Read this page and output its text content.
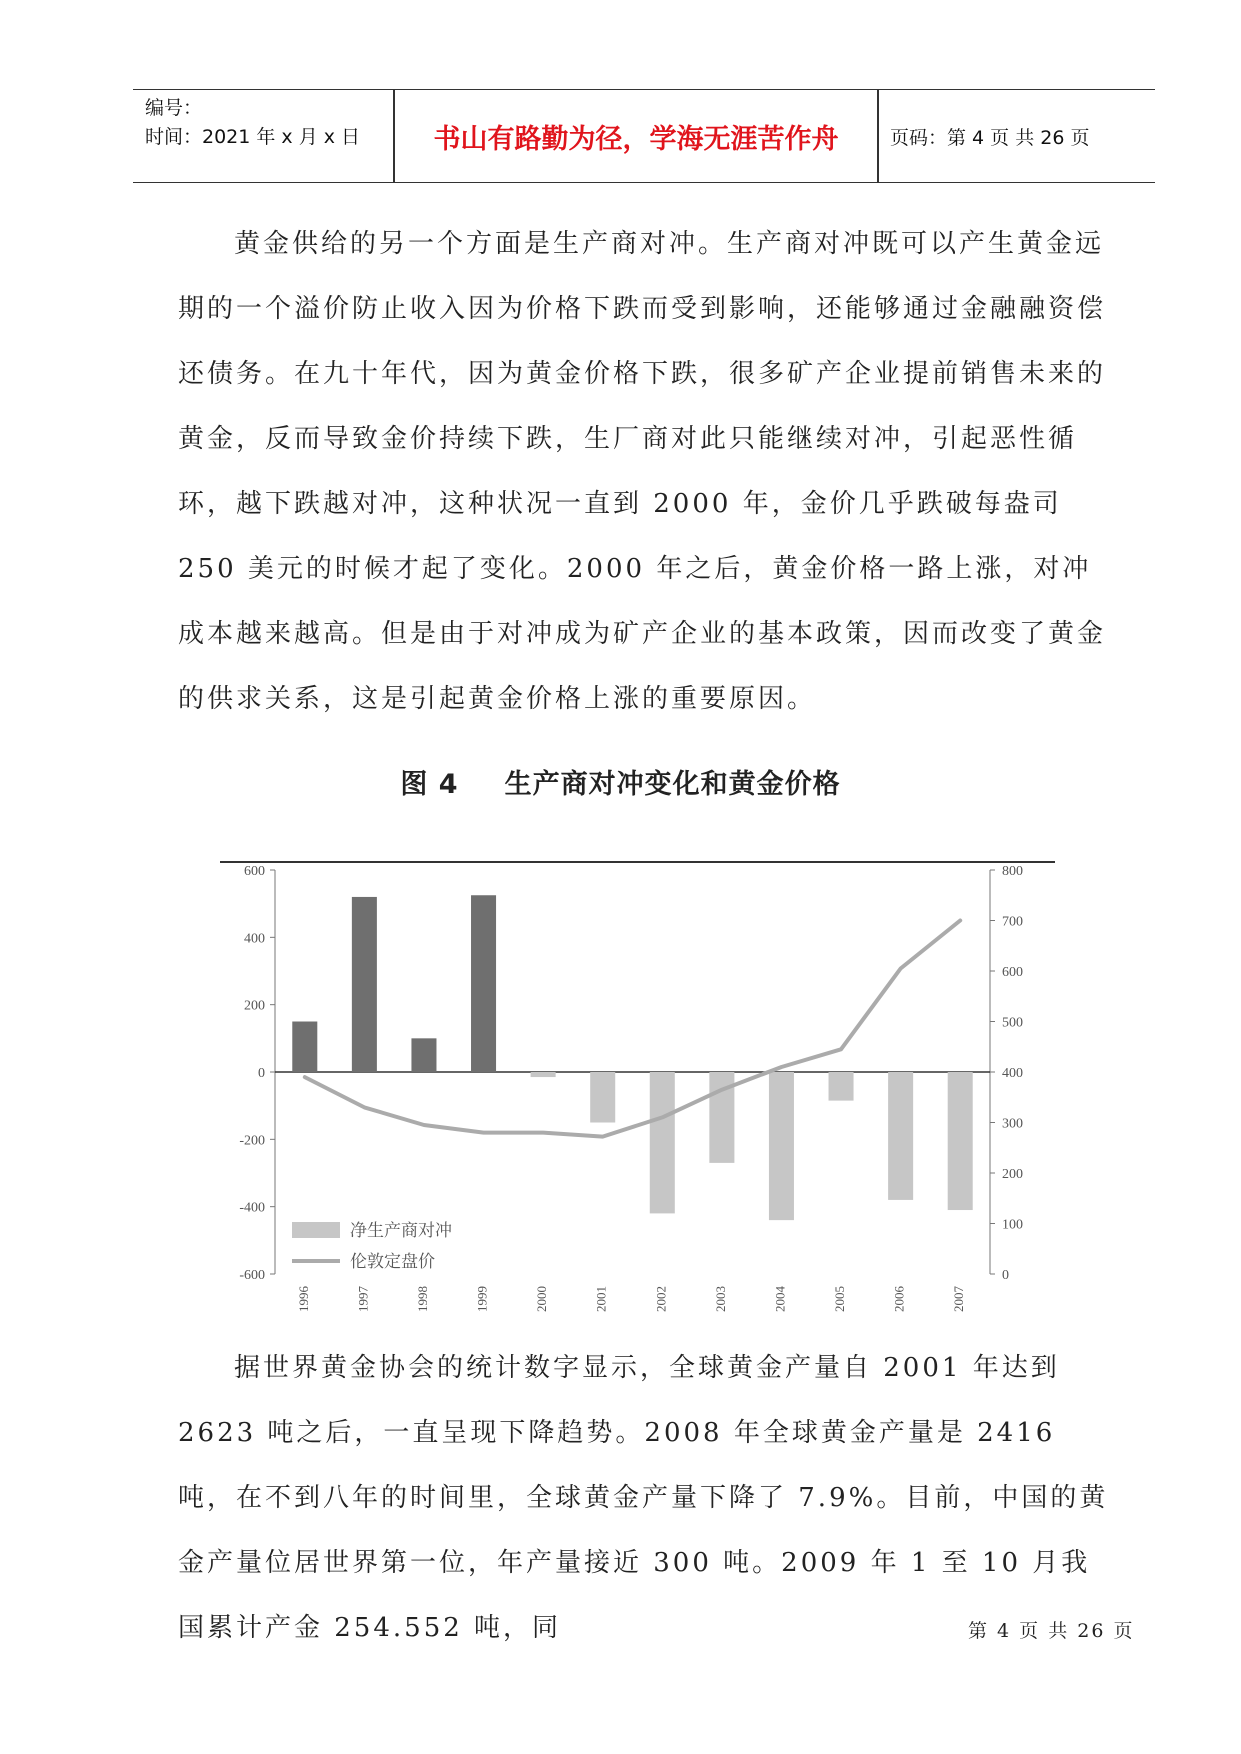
编号：
时间：2021 年 x 月 x 日	书山有路勤为径，学海无涯苦作舟	页码：第 4 页 共 26 页

黄金供给的另一个方面是生产商对冲。生产商对冲既可以产生黄金远期的一个溢价防止收入因为价格下跌而受到影响，还能够通过金融融资偿还债务。在九十年代，因为黄金价格下跌，很多矿产企业提前销售未来的黄金，反而导致金价持续下跌，生厂商对此只能继续对冲，引起恶性循环，越下跌越对冲，这种状况一直到 2000 年，金价几乎跌破每盎司 250 美元的时候才起了变化。2000 年之后，黄金价格一路上涨，对冲成本越来越高。但是由于对冲成为矿产企业的基本政策，因而改变了黄金的供求关系，这是引起黄金价格上涨的重要原因。

图 4 生产商对冲变化和黄金价格
600
400
200
0
-200
-400
-600
800
700
600
500
400
300
200
100
0
1996	1997	1998	1999	2000	2001	2002	2003	2004	2005	2006	2007
净生产商对冲
伦敦定盘价

据世界黄金协会的统计数字显示，全球黄金产量自 2001 年达到 2623 吨之后，一直呈现下降趋势。2008 年全球黄金产量是 2416 吨，在不到八年的时间里，全球黄金产量下降了 7.9%。目前，中国的黄金产量位居世界第一位，年产量接近 300 吨。2009 年 1 至 10 月我国累计产金 254.552 吨，同	第 4 页 共 26 页
